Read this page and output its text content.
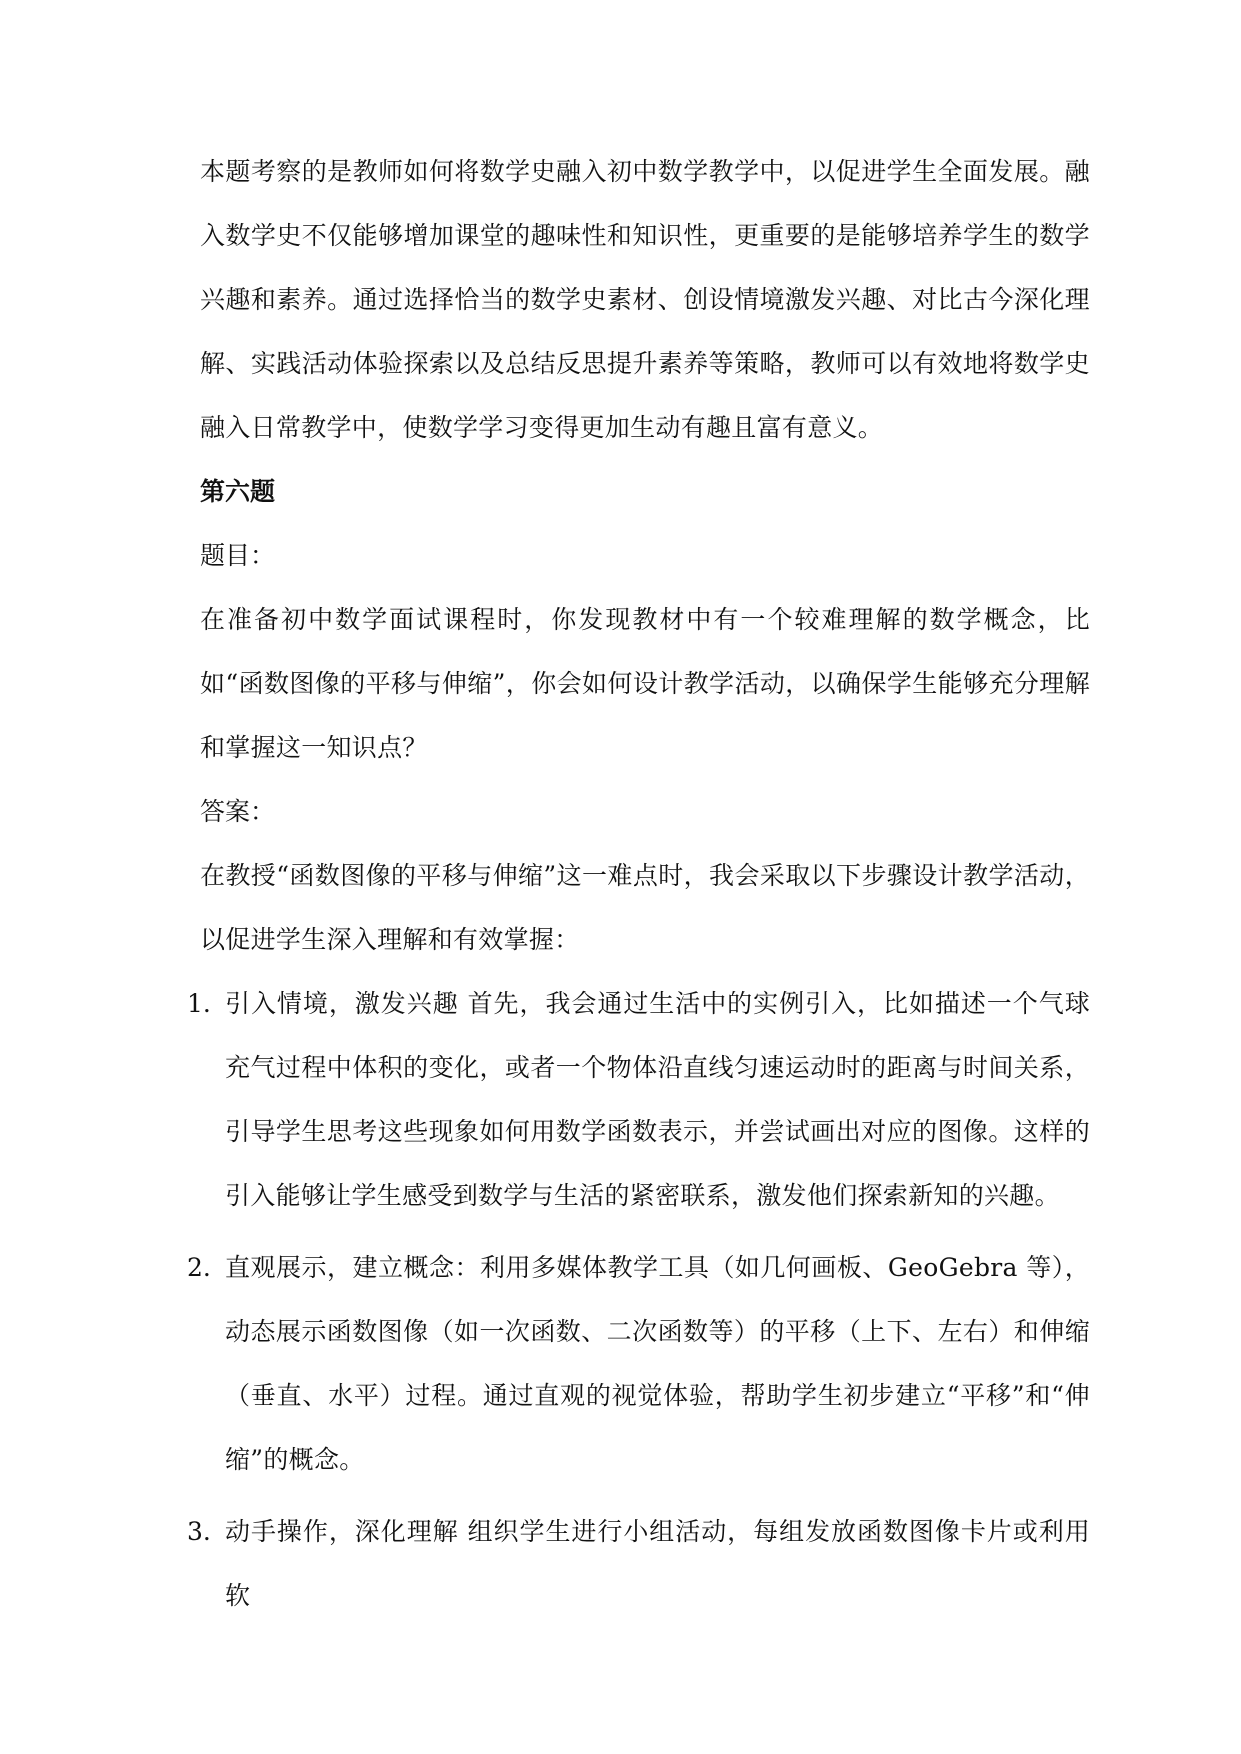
本题考察的是教师如何将数学史融入初中数学教学中，以促进学生全面发展。融入数学史不仅能够增加课堂的趣味性和知识性，更重要的是能够培养学生的数学兴趣和素养。通过选择恰当的数学史素材、创设情境激发兴趣、对比古今深化理解、实践活动体验探索以及总结反思提升素养等策略，教师可以有效地将数学史融入日常教学中，使数学学习变得更加生动有趣且富有意义。

第六题

题目：

在准备初中数学面试课程时，你发现教材中有一个较难理解的数学概念，比如“函数图像的平移与伸缩”，你会如何设计教学活动，以确保学生能够充分理解和掌握这一知识点？

答案：

在教授“函数图像的平移与伸缩”这一难点时，我会采取以下步骤设计教学活动，以促进学生深入理解和有效掌握：

1. 引入情境，激发兴趣 首先，我会通过生活中的实例引入，比如描述一个气球充气过程中体积的变化，或者一个物体沿直线匀速运动时的距离与时间关系，引导学生思考这些现象如何用数学函数表示，并尝试画出对应的图像。这样的引入能够让学生感受到数学与生活的紧密联系，激发他们探索新知的兴趣。

2. 直观展示，建立概念：利用多媒体教学工具（如几何画板、GeoGebra 等），动态展示函数图像（如一次函数、二次函数等）的平移（上下、左右）和伸缩（垂直、水平）过程。通过直观的视觉体验，帮助学生初步建立“平移”和“伸缩”的概念。

3. 动手操作，深化理解 组织学生进行小组活动，每组发放函数图像卡片或利用软
